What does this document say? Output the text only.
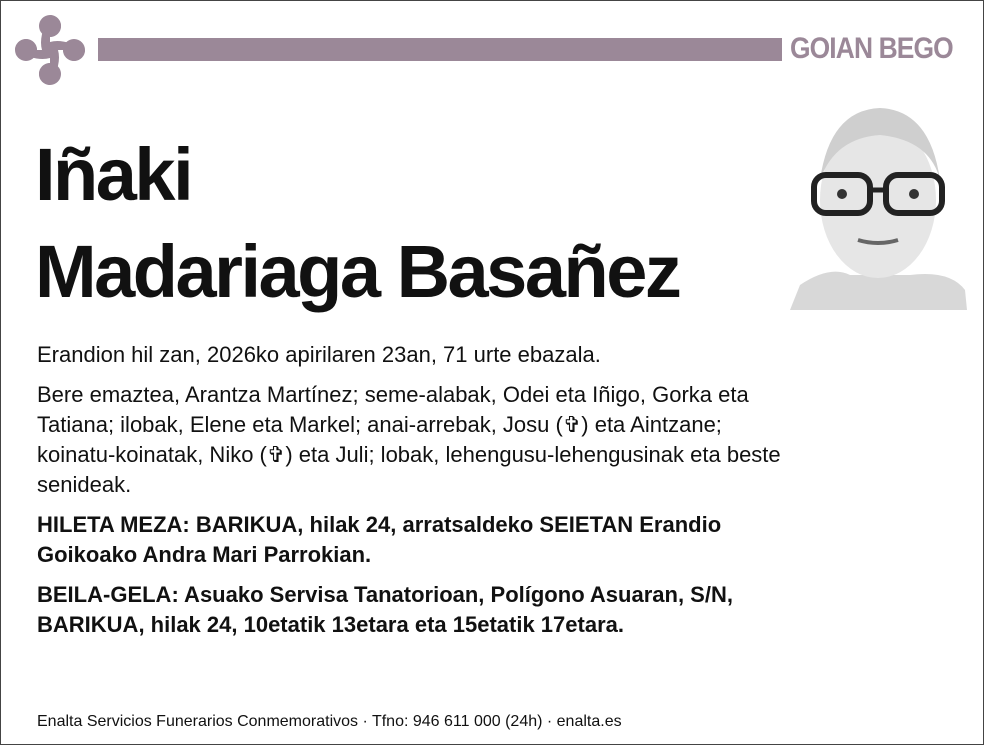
GOIAN BEGO
Iñaki
Madariaga Basañez

Erandion hil zan, 2026ko apirilaren 23an, 71 urte ebazala.

Bere emaztea, Arantza Martínez; seme-alabak, Odei eta Iñigo, Gorka eta
Tatiana; ilobak, Elene eta Markel; anai-arrebak, Josu (✞) eta Aintzane;
koinatu-koinatak, Niko (✞) eta Juli; lobak, lehengusu-lehengusinak eta beste
senideak.

HILETA MEZA: BARIKUA, hilak 24, arratsaldeko SEIETAN Erandio
Goikoako Andra Mari Parrokian.

BEILA-GELA: Asuako Servisa Tanatorioan, Polígono Asuaran, S/N,
BARIKUA, hilak 24, 10etatik 13etara eta 15etatik 17etara.

Enalta Servicios Funerarios Conmemorativos · Tfno: 946 611 000 (24h) · enalta.es
